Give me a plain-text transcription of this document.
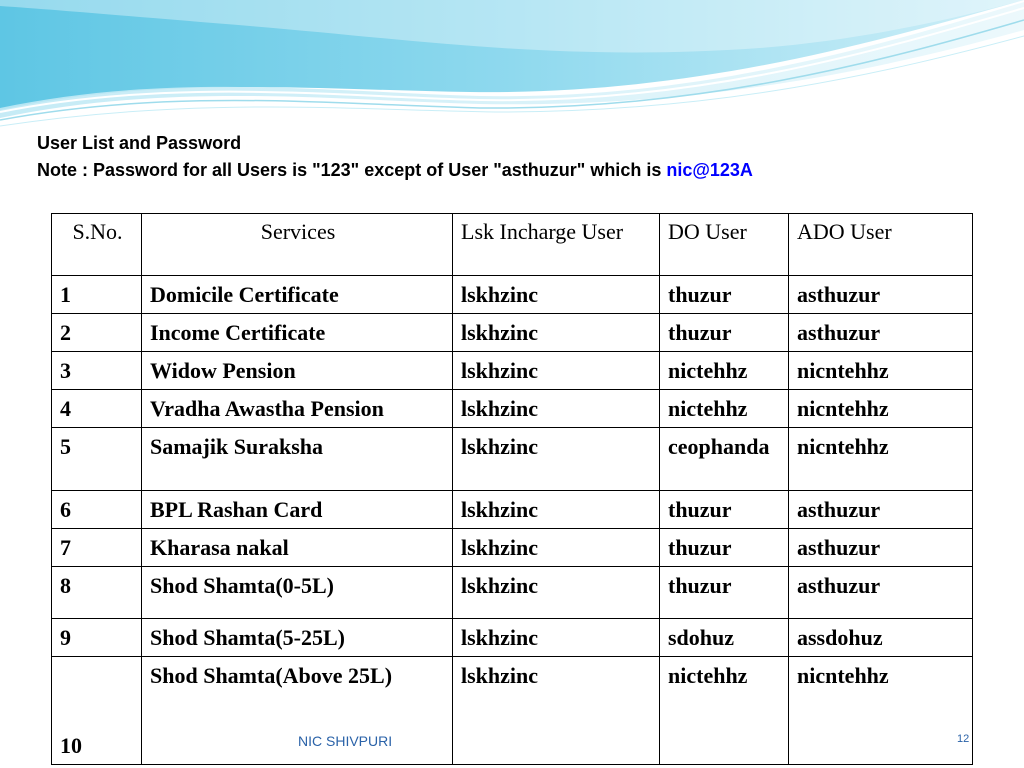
User List and Password
Note : Password for all Users is "123" except of User "asthuzur" which is nic@123A
S.No.	Services	Lsk Incharge User	DO User	ADO User
1	Domicile Certificate	lskhzinc	thuzur	asthuzur
2	Income Certificate	lskhzinc	thuzur	asthuzur
3	Widow Pension	lskhzinc	nictehhz	nicntehhz
4	Vradha Awastha Pension	lskhzinc	nictehhz	nicntehhz
5	Samajik Suraksha	lskhzinc	ceophanda	nicntehhz
6	BPL Rashan Card	lskhzinc	thuzur	asthuzur
7	Kharasa nakal	lskhzinc	thuzur	asthuzur
8	Shod Shamta(0-5L)	lskhzinc	thuzur	asthuzur
9	Shod Shamta(5-25L)	lskhzinc	sdohuz	assdohuz
10	Shod Shamta(Above 25L)	lskhzinc	nictehhz	nicntehhz
NIC SHIVPURI	12
